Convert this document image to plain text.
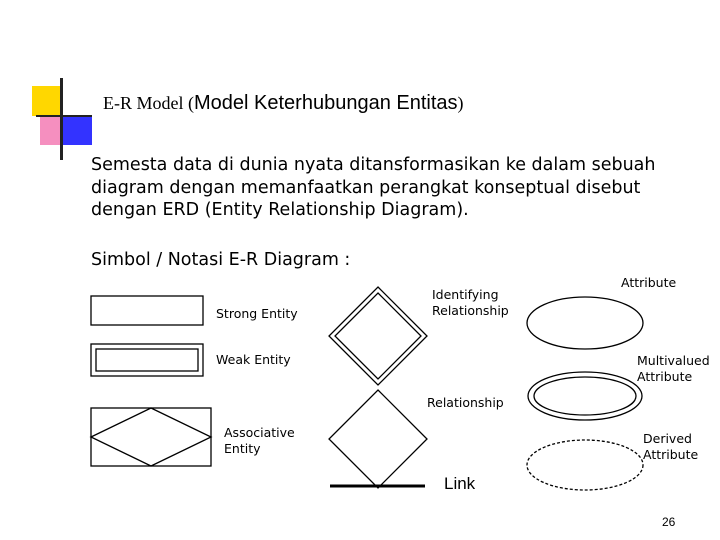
E-R Model (Model Keterhubungan Entitas)
Semesta data di dunia nyata ditansformasikan ke dalam sebuah
diagram dengan memanfaatkan perangkat konseptual disebut
dengan ERD (Entity Relationship Diagram).
Simbol / Notasi E-R Diagram :
Strong Entity
Weak Entity
Associative
Entity
Identifying
Relationship
Relationship
Attribute
Multivalued
Attribute
Derived
Attribute
Link
26
